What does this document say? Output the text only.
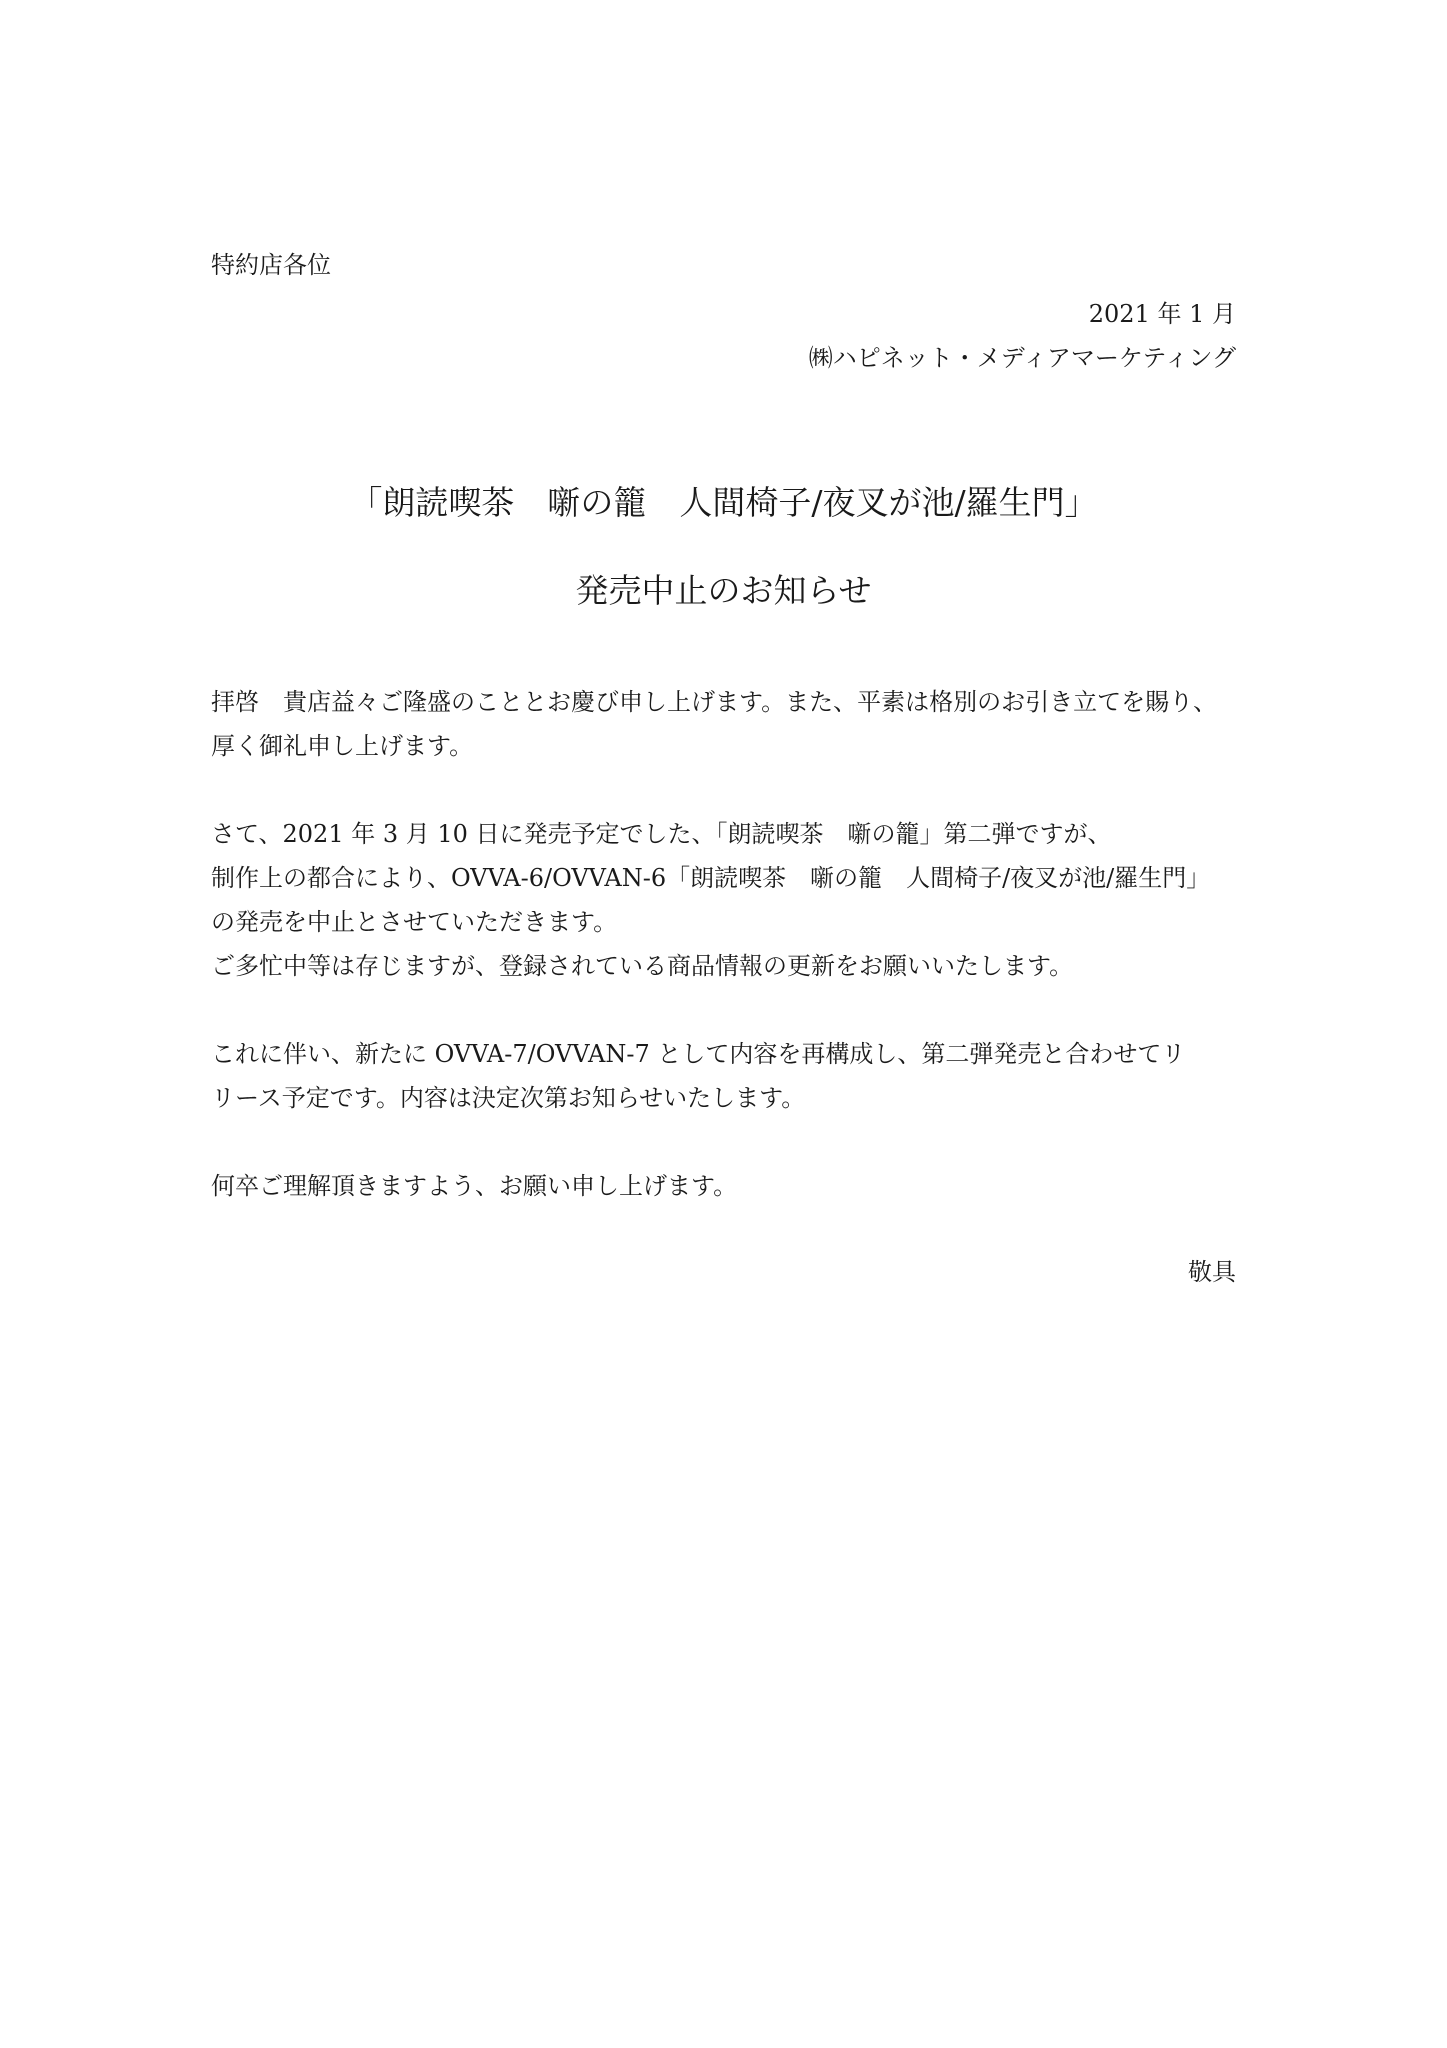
特約店各位
2021 年 1 月
㈱ハピネット・メディアマーケティング
「朗読喫茶　噺の籠　人間椅子/夜叉が池/羅生門」
発売中止のお知らせ
拝啓　貴店益々ご隆盛のこととお慶び申し上げます。また、平素は格別のお引き立てを賜り、
厚く御礼申し上げます。
さて、2021 年 3 月 10 日に発売予定でした、「朗読喫茶　噺の籠」第二弾ですが、
制作上の都合により、OVVA-6/OVVAN-6「朗読喫茶　噺の籠　人間椅子/夜叉が池/羅生門」
の発売を中止とさせていただきます。
ご多忙中等は存じますが、登録されている商品情報の更新をお願いいたします。
これに伴い、新たに OVVA-7/OVVAN-7 として内容を再構成し、第二弾発売と合わせてリ
リース予定です。内容は決定次第お知らせいたします。
何卒ご理解頂きますよう、お願い申し上げます。
敬具
